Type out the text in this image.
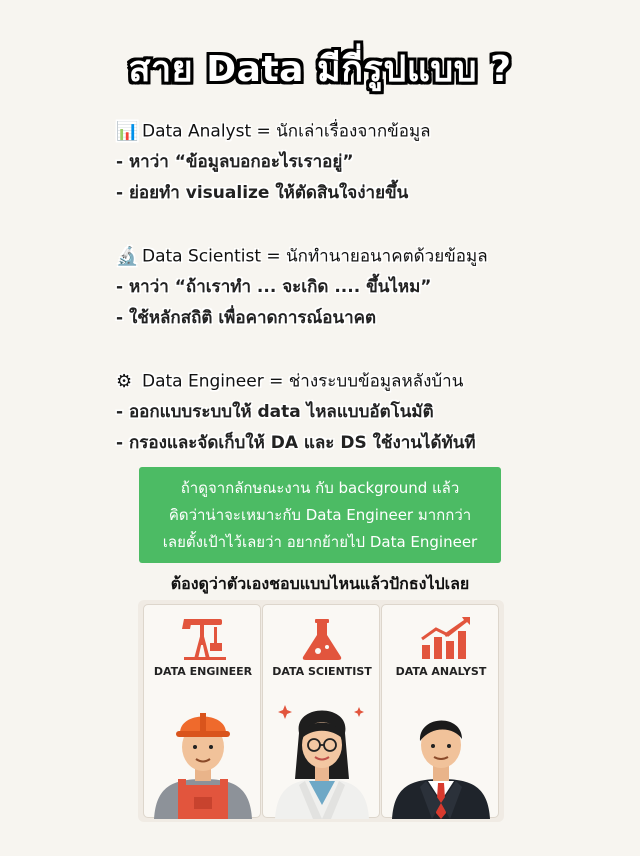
สาย Data มีกี่รูปแบบ ?
📊 Data Analyst = นักเล่าเรื่องจากข้อมูล
- หาว่า “ข้อมูลบอกอะไรเราอยู่”
- ย่อยทำ visualize ให้ตัดสินใจง่ายขึ้น
🔬 Data Scientist = นักทำนายอนาคตด้วยข้อมูล
- หาว่า “ถ้าเราทำ ... จะเกิด .... ขึ้นไหม”
- ใช้หลักสถิติ เพื่อคาดการณ์อนาคต
⚙ Data Engineer = ช่างระบบข้อมูลหลังบ้าน
- ออกแบบระบบให้ data ไหลแบบอัตโนมัติ
- กรองและจัดเก็บให้ DA และ DS ใช้งานได้ทันที
ถ้าดูจากลักษณะงาน กับ background แล้ว
คิดว่าน่าจะเหมาะกับ Data Engineer มากกว่า
เลยตั้งเป้าไว้เลยว่า อยากย้ายไป Data Engineer
ต้องดูว่าตัวเองชอบแบบไหนแล้วปักธงไปเลย
DATA ENGINEER	DATA SCIENTIST	DATA ANALYST
